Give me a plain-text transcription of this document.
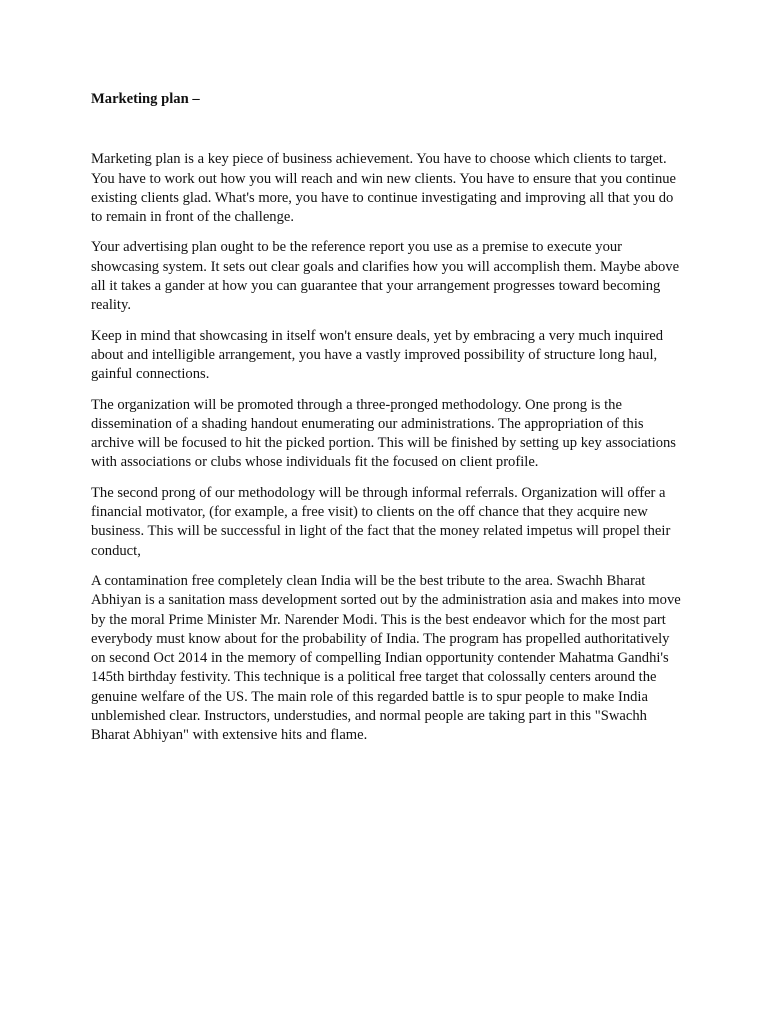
Marketing plan –

Marketing plan is a key piece of business achievement. You have to choose which clients to target. You have to work out how you will reach and win new clients. You have to ensure that you continue existing clients glad. What's more, you have to continue investigating and improving all that you do to remain in front of the challenge.

Your advertising plan ought to be the reference report you use as a premise to execute your showcasing system. It sets out clear goals and clarifies how you will accomplish them. Maybe above all it takes a gander at how you can guarantee that your arrangement progresses toward becoming reality.

Keep in mind that showcasing in itself won't ensure deals, yet by embracing a very much inquired about and intelligible arrangement, you have a vastly improved possibility of structure long haul, gainful connections.

The organization will be promoted through a three-pronged methodology. One prong is the dissemination of a shading handout enumerating our administrations. The appropriation of this archive will be focused to hit the picked portion. This will be finished by setting up key associations with associations or clubs whose individuals fit the focused on client profile.

The second prong of our methodology will be through informal referrals. Organization will offer a financial motivator, (for example, a free visit) to clients on the off chance that they acquire new business. This will be successful in light of the fact that the money related impetus will propel their conduct,

A contamination free completely clean India will be the best tribute to the area. Swachh Bharat Abhiyan is a sanitation mass development sorted out by the administration asia and makes into move by the moral Prime Minister Mr. Narender Modi. This is the best endeavor which for the most part everybody must know about for the probability of India. The program has propelled authoritatively on second Oct 2014 in the memory of compelling Indian opportunity contender Mahatma Gandhi's 145th birthday festivity. This technique is a political free target that colossally centers around the genuine welfare of the US. The main role of this regarded battle is to spur people to make India unblemished clear. Instructors, understudies, and normal people are taking part in this "Swachh Bharat Abhiyan" with extensive hits and flame.
